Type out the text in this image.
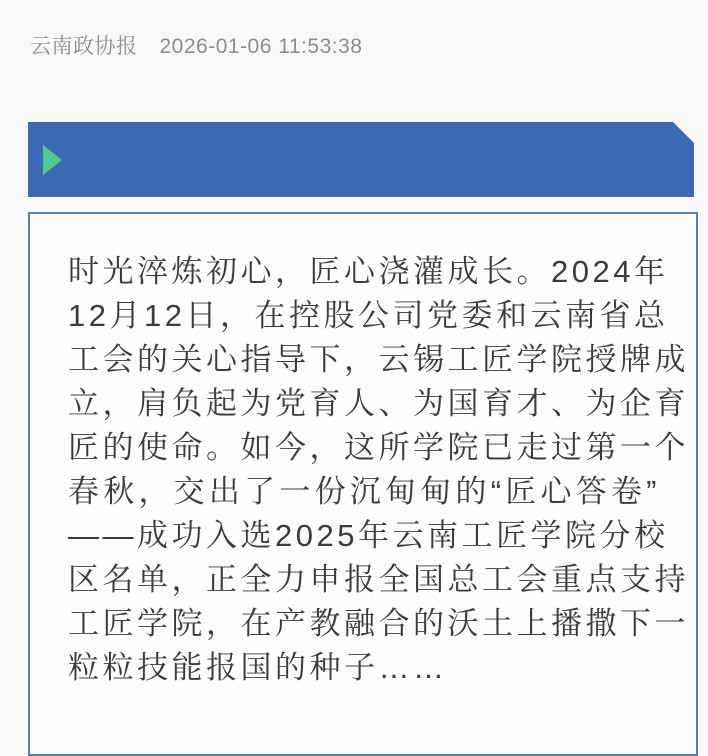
云南政协报 2026-01-06 11:53:38
时光淬炼初心，匠心浇灌成长。2024年
12月12日，在控股公司党委和云南省总
工会的关心指导下，云锡工匠学院授牌成
立，肩负起为党育人、为国育才、为企育
匠的使命。如今，这所学院已走过第一个
春秋，交出了一份沉甸甸的“匠心答卷”
——成功入选2025年云南工匠学院分校
区名单，正全力申报全国总工会重点支持
工匠学院，在产教融合的沃土上播撒下一
粒粒技能报国的种子……
